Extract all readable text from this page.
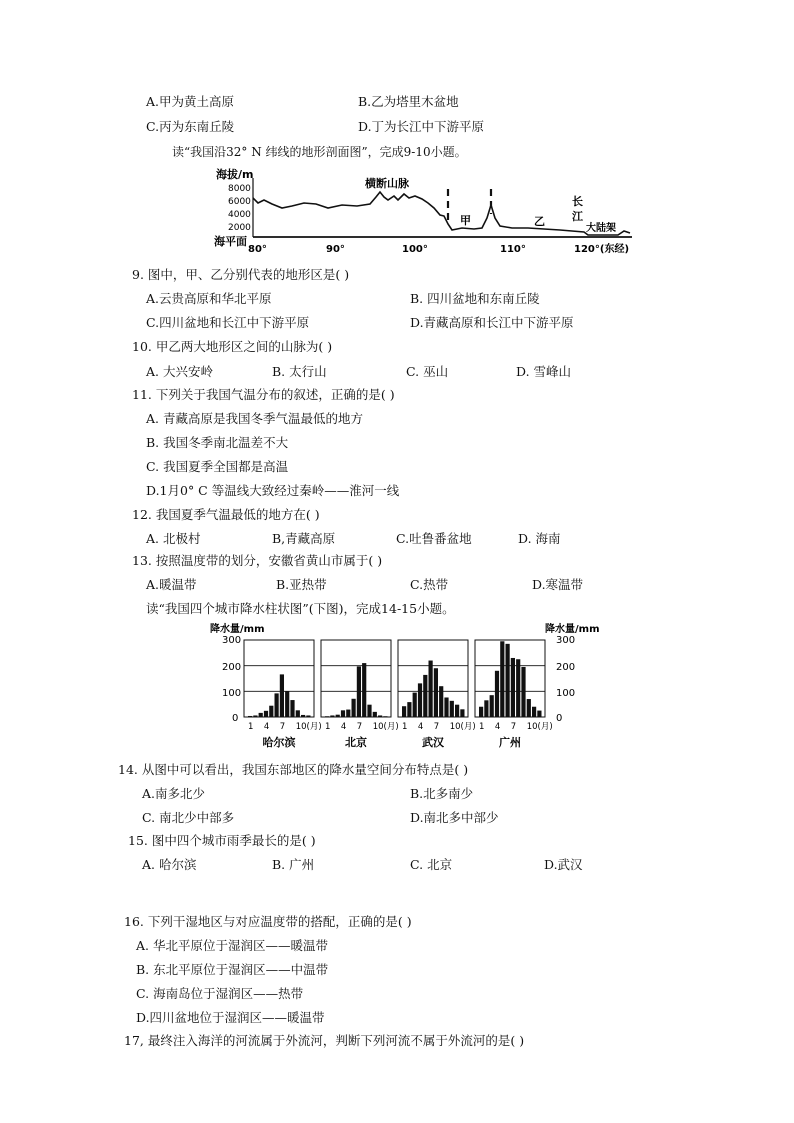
A.甲为黄土高原	B.乙为塔里木盆地
C.丙为东南丘陵	D.丁为长江中下游平原
读“我国沿32° N 纬线的地形剖面图”，完成9-10小题。
海拔/m
8000
6000
4000
2000
横断山脉
甲	乙
长
江
大陆架
海平面
80°	90°	100°	110°	120°(东经)
9. 图中，甲、乙分别代表的地形区是( )
A.云贵高原和华北平原	B. 四川盆地和东南丘陵
C.四川盆地和长江中下游平原	D.青藏高原和长江中下游平原
10. 甲乙两大地形区之间的山脉为( )
A. 大兴安岭	B. 太行山	C. 巫山	D. 雪峰山
11. 下列关于我国气温分布的叙述，正确的是( )
A. 青藏高原是我国冬季气温最低的地方
B. 我国冬季南北温差不大
C. 我国夏季全国都是高温
D.1月0° C 等温线大致经过秦岭——淮河一线
12. 我国夏季气温最低的地方在( )
A. 北极村	B,青藏高原	C.吐鲁番盆地	D. 海南
13. 按照温度带的划分，安徽省黄山市属于( )
A.暖温带	B.亚热带	C.热带	D.寒温带
读“我国四个城市降水柱状图”(下图)，完成14-15小题。
降水量/mm	降水量/mm
300
200
100
0
300
200
100
0
1 4 7 10(月)
哈尔滨
1 4 7 10(月)
北京
1 4 7 10(月)
武汉
1 4 7 10(月)
广州
14. 从图中可以看出，我国东部地区的降水量空间分布特点是( )
A.南多北少	B.北多南少
C. 南北少中部多	D.南北多中部少
15. 图中四个城市雨季最长的是( )
A. 哈尔滨	B. 广州	C. 北京	D.武汉
16. 下列干湿地区与对应温度带的搭配，正确的是( )
A. 华北平原位于湿润区——暖温带
B. 东北平原位于湿润区——中温带
C. 海南岛位于湿润区——热带
D.四川盆地位于湿润区——暖温带
17, 最终注入海洋的河流属于外流河，判断下列河流不属于外流河的是( )
